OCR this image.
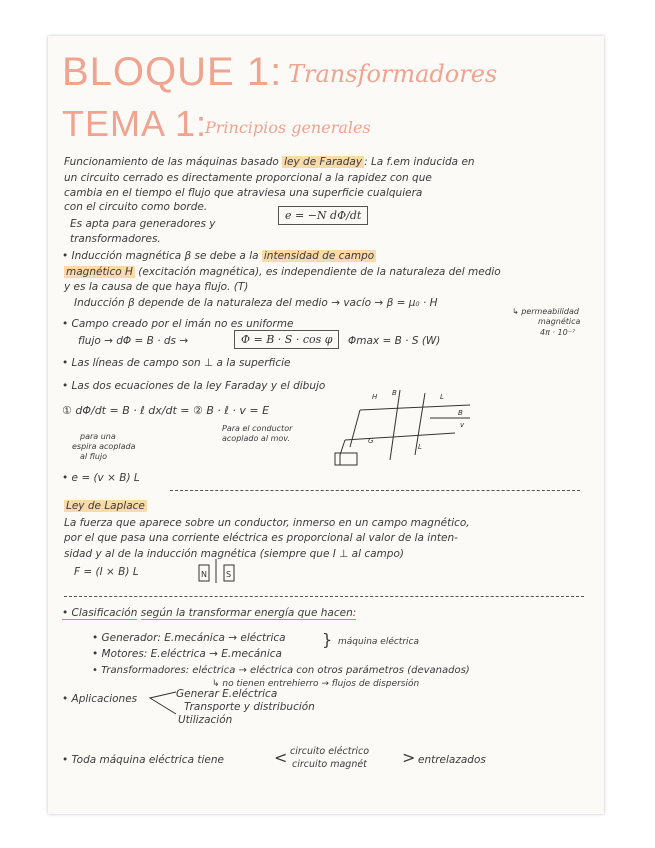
BLOQUE 1: Transformadores
TEMA 1:
Principios generales
Funcionamiento de las máquinas basado ley de Faraday : La f.em inducida en
un circuito cerrado es directamente proporcional a la rapidez con que
cambia en el tiempo el flujo que atraviesa una superficie cualquiera
con el circuito como borde.
Es apta para generadores y
transformadores.
e = −N dΦ/dt
• Inducción magnética β se debe a la intensidad de campo
magnético H (excitación magnética), es independiente de la naturaleza del medio
y es la causa de que haya flujo. (T)
Inducción β depende de la naturaleza del medio → vacío → β = μ₀ · H
↳ permeabilidad
magnética
4π · 10⁻⁷
• Campo creado por el imán no es uniforme
flujo → dΦ = B · ds →	Φ = B · S · cos φ	Φmax = B · S (W)
• Las líneas de campo son ⊥ a la superficie
• Las dos ecuaciones de la ley Faraday y el dibujo
① dΦ/dt = B · ℓ dx/dt = ② B · ℓ · v = E
para una
espira acoplada
al flujo
Para el conductor
acoplado al mov.
• e = (v × B) L
H B	L
B
v
G
L
Ley de Laplace
La fuerza que aparece sobre un conductor, inmerso en un campo magnético,
por el que pasa una corriente eléctrica es proporcional al valor de la inten-
sidad y al de la inducción magnética (siempre que I ⊥ al campo)
F = (I × B) L	N S
• Clasificación según la transformar energía que hacen:
• Generador: E.mecánica → eléctrica
• Motores: E.eléctrica → E.mecánica
} máquina eléctrica
• Transformadores: eléctrica → eléctrica con otros parámetros (devanados)
↳ no tienen entrehierro → flujos de dispersión
• Aplicaciones	Generar E.eléctrica
Transporte y distribución
Utilización
• Toda máquina eléctrica tiene	< circuito eléctrico
circuito magnét > entrelazados
